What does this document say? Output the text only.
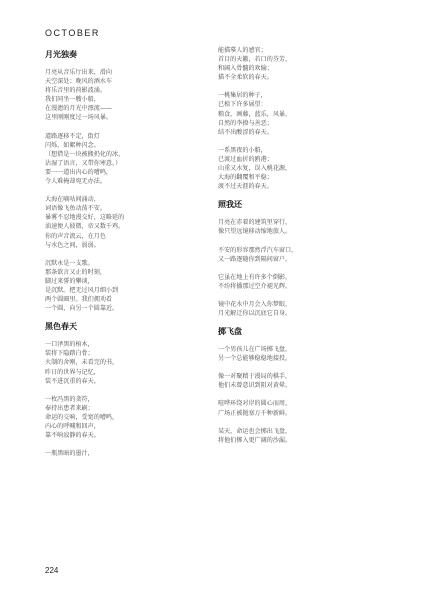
OCTOBER
月光独奏
月亮从音乐厅出来，滑向
天空深处；晚风的酒水车
将乐音里的荷影波涌。
我们同坐一艘小船，
在漫漶的月光中漂流——
这里刚刚度过一场风暴。
道路逐移不定，街灯
闪烁，如絮种闪念。
（想借是一块被搬扔化的冰，
沾湿了语言，又带你寒意。）
要一一道出内心的嘈鸣，
令人难掩却宛无办法。
大海在嘀咕间涌动，
词语像飞鱼动荡不安。
暴雾不忍地漫交好，这略延的
油速便人彼微，帝又数千鸡。
你的声音流云，在月色
与水色之间，弱弱。
沉默永是一支歌。
那条欲言又止的时刻，
脚过来誓的攀谈，
是沉默。把无过风月细小到
两个圆圈里。我们拥劝看
一个圆，向另一个圆靠近。
黑色春天
一口泽黑的棺木，
装将下隐踏白骨；
火制的舍刚，未看完的书，
昨日的世界与记忆，
装不进沉重的春天。
一枚冯黑的贪符，
奉持出患者来刷；
命运的交响，受宽的嘈鸣，
内心的呼喊和回声，
靠不响寂静的春天。
一瓶黑暗的墨汁，
能描摹人的感官；
首目的天籁，若口的芬芳，
和阔入骨髓的欢愉；
描不全柔软的春天。
一桃集居的种子，
已植下许多展望：
粮食，画藤，蓝乐，风暴，
自然的李撩与善恶；
结不出酸涩的春天。
一系黑夜的小船，
已渡过血折的鸥港；
山重又水复，误入桃花源，
大海的翻覆和平稳；
渡不过天涯的春天。
照我还
月亮在赤着的建筑里穿行，
像只望远镜移动缩地旅人。
不安的形容那然浮汽车窗口，
又一路逐随你到隔间窗户。
它虽在地上有许多个倒影，
不纷将播那过空介褪光辉。
镜中花水中月会入你梦眼，
月光解迁你以沉底它自身。
掷飞盘
一个男孩儿在广场掷飞盘，
另一个总能够稳稳地接投。
像一对聚精于漫局的棋手，
他们未曾意识到阻对黄晕。
喧哗环绕对岸的圆心而周，
广场正被抛塞万千种新鲜。
某天，命运也会掷出飞盘，
将他们掷入更广阔的沙漏。
224
